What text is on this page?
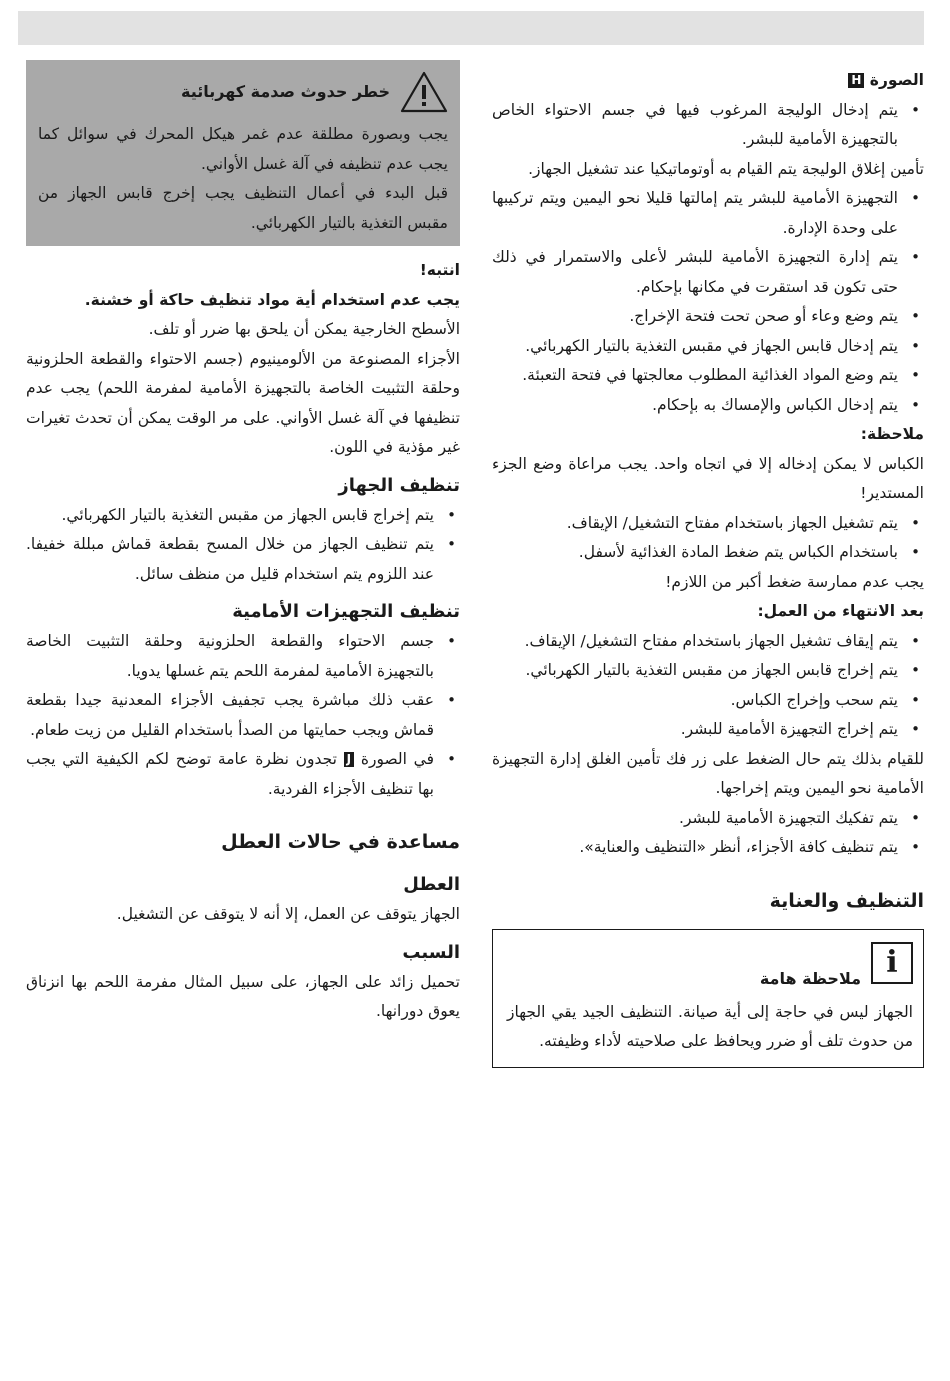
الصورة H

• يتم إدخال الوليجة المرغوب فيها في جسم الاحتواء الخاص بالتجهيزة الأمامية للبشر.

تأمين إغلاق الوليجة يتم القيام به أوتوماتيكيا عند تشغيل الجهاز.

• التجهيزة الأمامية للبشر يتم إمالتها قليلا نحو اليمين ويتم تركيبها على وحدة الإدارة.
• يتم إدارة التجهيزة الأمامية للبشر لأعلى والاستمرار في ذلك حتى تكون قد استقرت في مكانها بإحكام.
• يتم وضع وعاء أو صحن تحت فتحة الإخراج.
• يتم إدخال قابس الجهاز في مقبس التغذية بالتيار الكهربائي.
• يتم وضع المواد الغذائية المطلوب معالجتها في فتحة التعبئة.
• يتم إدخال الكباس والإمساك به بإحكام.

ملاحظة:

الكباس لا يمكن إدخاله إلا في اتجاه واحد. يجب مراعاة وضع الجزء المستدير!

• يتم تشغيل الجهاز باستخدام مفتاح التشغيل/ الإيقاف.
• باستخدام الكباس يتم ضغط المادة الغذائية لأسفل.

يجب عدم ممارسة ضغط أكبر من اللازم!

بعد الانتهاء من العمل:

• يتم إيقاف تشغيل الجهاز باستخدام مفتاح التشغيل/ الإيقاف.
• يتم إخراج قابس الجهاز من مقبس التغذية بالتيار الكهربائي.
• يتم سحب وإخراج الكباس.
• يتم إخراج التجهيزة الأمامية للبشر.

للقيام بذلك يتم حال الضغط على زر فك تأمين الغلق إدارة التجهيزة الأمامية نحو اليمين ويتم إخراجها.

• يتم تفكيك التجهيزة الأمامية للبشر.
• يتم تنظيف كافة الأجزاء، أنظر «التنظيف والعناية».
التنظيف والعناية
i
ملاحظة هامة

الجهاز ليس في حاجة إلى أية صيانة. التنظيف الجيد يقي الجهاز من حدوث تلف أو ضرر ويحافظ على صلاحيته لأداء وظيفته.

خطر حدوث صدمة كهربائية

يجب وبصورة مطلقة عدم غمر هيكل المحرك في سوائل كما يجب عدم تنظيفه في آلة غسل الأواني.

قبل البدء في أعمال التنظيف يجب إخرج قابس الجهاز من مقبس التغذية بالتيار الكهربائي.

انتبه!

يجب عدم استخدام أية مواد تنظيف حاكة أو خشنة.

الأسطح الخارجية يمكن أن يلحق بها ضرر أو تلف.

الأجزاء المصنوعة من الألومينيوم (جسم الاحتواء والقطعة الحلزونية وحلقة التثبيت الخاصة بالتجهيزة الأمامية لمفرمة اللحم) يجب عدم تنظيفها في آلة غسل الأواني. على مر الوقت يمكن أن تحدث تغيرات غير مؤذية في اللون.

تنظيف الجهاز
• يتم إخراج قابس الجهاز من مقبس التغذية بالتيار الكهربائي.
• يتم تنظيف الجهاز من خلال المسح بقطعة قماش مبللة خفيفا. عند اللزوم يتم استخدام قليل من منظف سائل.
تنظيف التجهيزات الأمامية
• جسم الاحتواء والقطعة الحلزونية وحلقة التثبيت الخاصة بالتجهيزة الأمامية لمفرمة اللحم يتم غسلها يدويا.
• عقب ذلك مباشرة يجب تجفيف الأجزاء المعدنية جيدا بقطعة قماش ويجب حمايتها من الصدأ باستخدام القليل من زيت طعام.
• في الصورة J تجدون نظرة عامة توضح لكم الكيفية التي يجب بها تنظيف الأجزاء الفردية.
مساعدة في حالات العطل
العطل

الجهاز يتوقف عن العمل، إلا أنه لا يتوقف عن التشغيل.

السبب

تحميل زائد على الجهاز، على سبيل المثال مفرمة اللحم بها انزناق يعوق دورانها.
